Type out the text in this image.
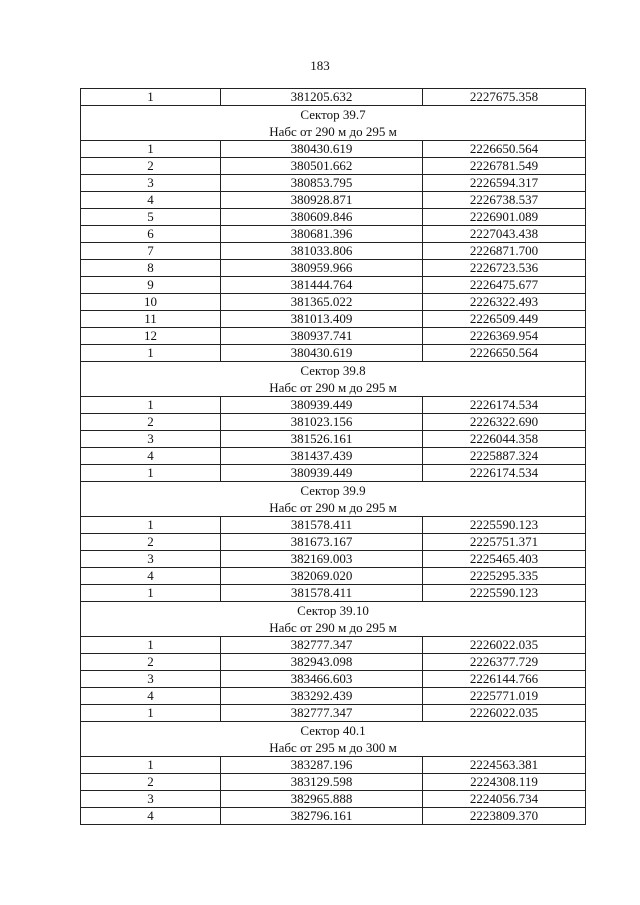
183
1	381205.632	2227675.358
Сектор 39.7		
Набс от 290 м до 295 м		
1	380430.619	2226650.564
2	380501.662	2226781.549
3	380853.795	2226594.317
4	380928.871	2226738.537
5	380609.846	2226901.089
6	380681.396	2227043.438
7	381033.806	2226871.700
8	380959.966	2226723.536
9	381444.764	2226475.677
10	381365.022	2226322.493
11	381013.409	2226509.449
12	380937.741	2226369.954
1	380430.619	2226650.564
Сектор 39.8		
Набс от 290 м до 295 м		
1	380939.449	2226174.534
2	381023.156	2226322.690
3	381526.161	2226044.358
4	381437.439	2225887.324
1	380939.449	2226174.534
Сектор 39.9		
Набс от 290 м до 295 м		
1	381578.411	2225590.123
2	381673.167	2225751.371
3	382169.003	2225465.403
4	382069.020	2225295.335
1	381578.411	2225590.123
Сектор 39.10		
Набс от 290 м до 295 м		
1	382777.347	2226022.035
2	382943.098	2226377.729
3	383466.603	2226144.766
4	383292.439	2225771.019
1	382777.347	2226022.035
Сектор 40.1		
Набс от 295 м до 300 м		
1	383287.196	2224563.381
2	383129.598	2224308.119
3	382965.888	2224056.734
4	382796.161	2223809.370
